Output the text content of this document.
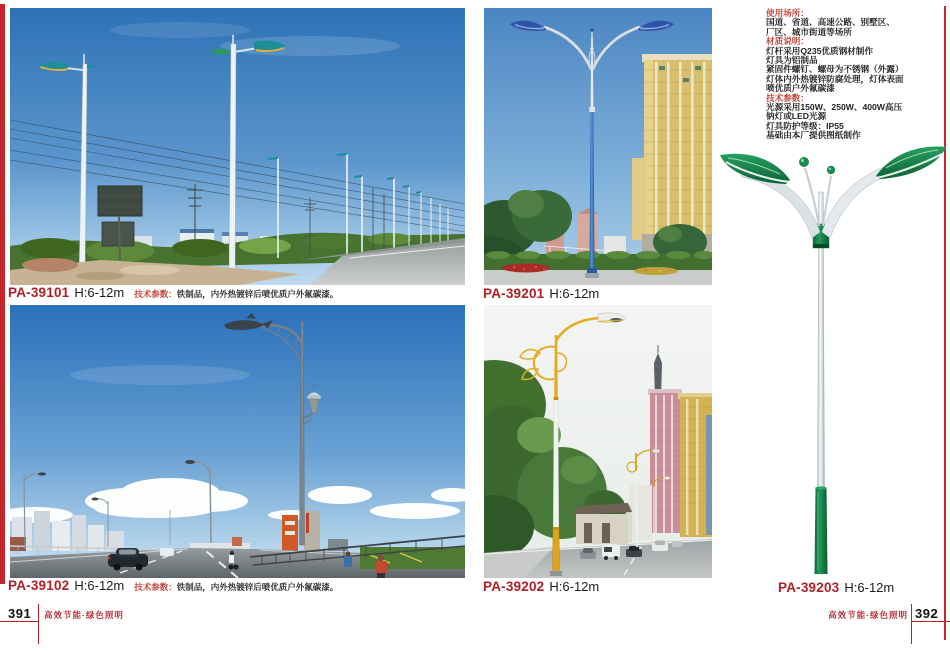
使用场所：

国道、省道、高速公路、别墅区、

厂区、城市街道等场所

材质说明：

灯杆采用Q235优质钢材制作

灯具为铝制品

紧固件螺钉、螺母为不锈钢（外露）

灯体内外热镀锌防腐处理，灯体表面

喷优质户外氟碳漆

技术参数：

光源采用150W、250W、400W高压

钠灯或LED光源

灯具防护等级：IP55

基础由本厂提供图纸制作

PA-39101 H:6-12m 技术参数： 铁制品，内外热镀锌后喷优质户外氟碳漆。
PA-39102 H:6-12m 技术参数： 铁制品，内外热镀锌后喷优质户外氟碳漆。
PA-39201 H:6-12m
PA-39202 H:6-12m	PA-39203 H:6-12m
391 高效节能·绿色照明	高效节能·绿色照明 392
